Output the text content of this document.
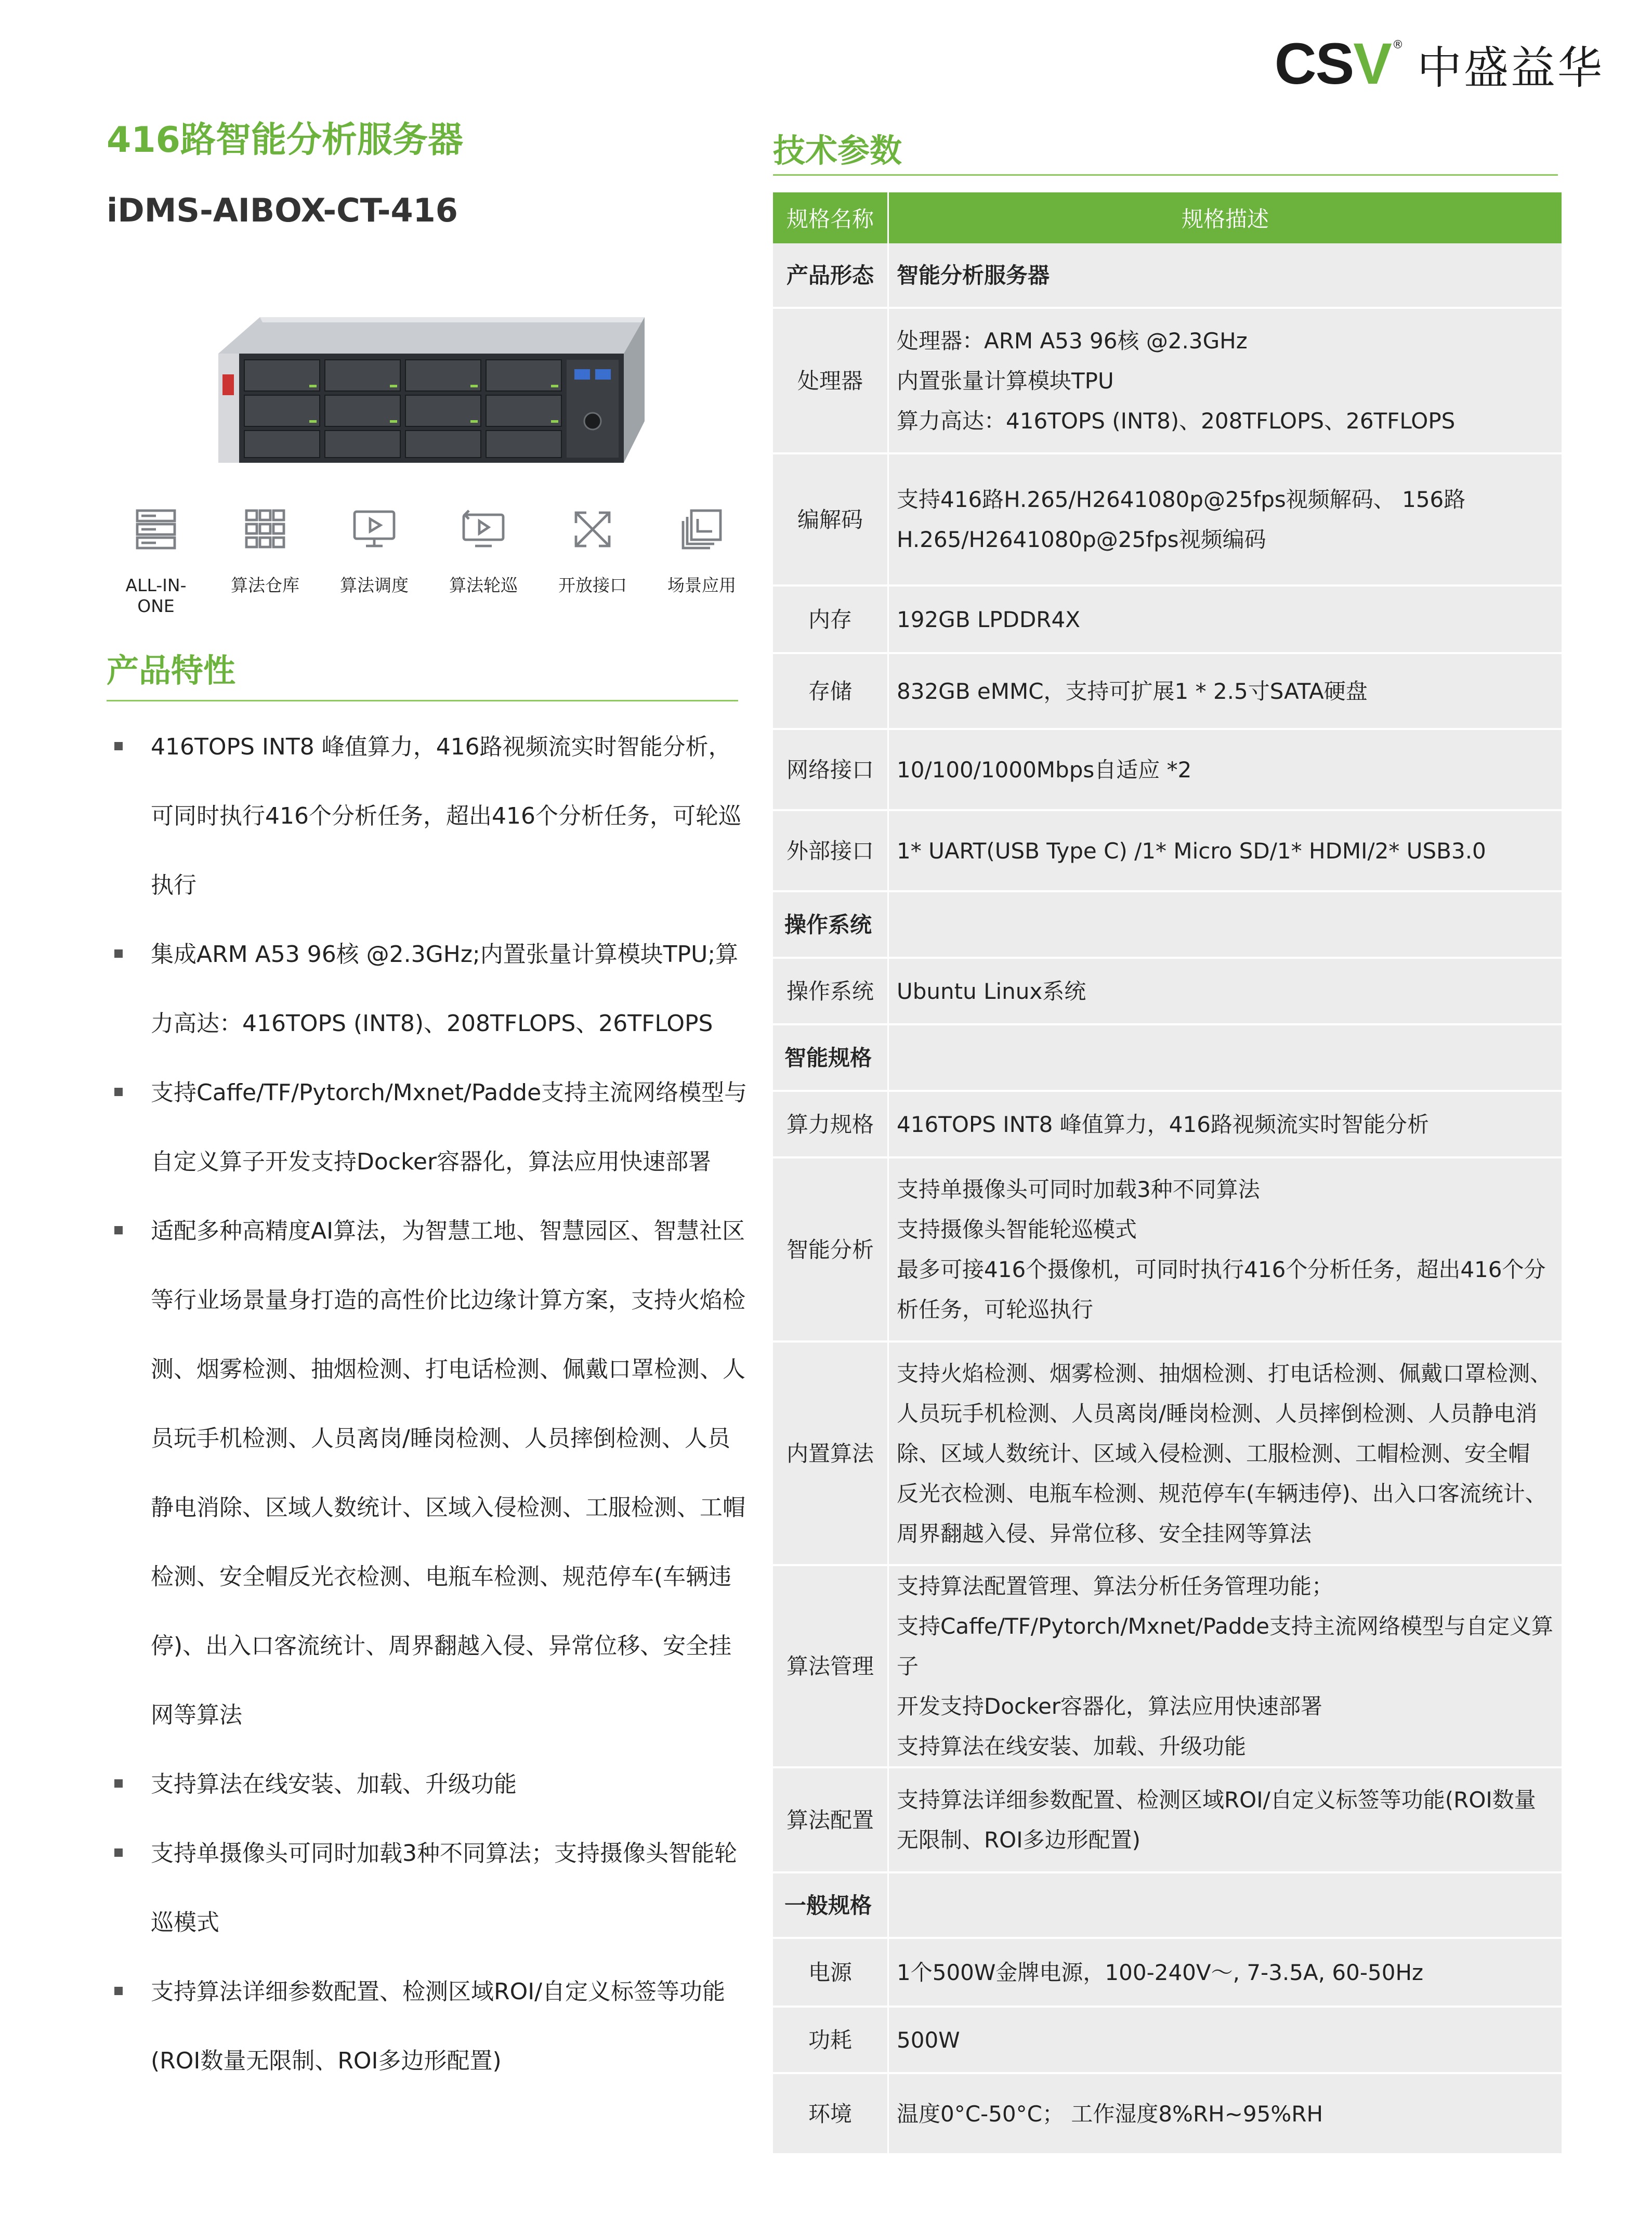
CSV ® 中盛益华
416路智能分析服务器
iDMS-AIBOX-CT-416
ALL-IN-ONE
算法仓库 算法调度 算法轮巡 开放接口 场景应用
产品特性
416TOPS INT8 峰值算力，416路视频流实时智能分析，可同时执行416个分析任务，超出416个分析任务，可轮巡执行
集成ARM A53 96核 @2.3GHz;内置张量计算模块TPU;算力高达：416TOPS (INT8)、208TFLOPS、26TFLOPS
支持Caffe/TF/Pytorch/Mxnet/Padde支持主流网络模型与自定义算子开发支持Docker容器化，算法应用快速部署
适配多种高精度AI算法，为智慧工地、智慧园区、智慧社区等行业场景量身打造的高性价比边缘计算方案，支持火焰检测、烟雾检测、抽烟检测、打电话检测、佩戴口罩检测、人员玩手机检测、人员离岗/睡岗检测、人员摔倒检测、人员静电消除、区域人数统计、区域入侵检测、工服检测、工帽检测、安全帽反光衣检测、电瓶车检测、规范停车(车辆违停)、出入口客流统计、周界翻越入侵、异常位移、安全挂网等算法
支持算法在线安装、加载、升级功能
支持单摄像头可同时加载3种不同算法；支持摄像头智能轮巡模式
支持算法详细参数配置、检测区域ROI/自定义标签等功能(ROI数量无限制、ROI多边形配置)
技术参数
规格名称	规格描述
产品形态	智能分析服务器

处理器	处理器：ARM A53 96核 @2.3GHz
内置张量计算模块TPU
算力高达：416TOPS (INT8)、208TFLOPS、26TFLOPS

编解码	支持416路H.265/H2641080p@25fps视频解码、 156路
H.265/H2641080p@25fps视频编码

内存	192GB LPDDR4X

存储	832GB eMMC，支持可扩展1 * 2.5寸SATA硬盘

网络接口	10/100/1000Mbps自适应 *2

外部接口	1* UART(USB Type C) /1* Micro SD/1* HDMI/2* USB3.0

操作系统	
操作系统	Ubuntu Linux系统

智能规格	
算力规格	416TOPS INT8 峰值算力，416路视频流实时智能分析

智能分析	支持单摄像头可同时加载3种不同算法
支持摄像头智能轮巡模式
最多可接416个摄像机，可同时执行416个分析任务，超出416个分
析任务，可轮巡执行

内置算法	支持火焰检测、烟雾检测、抽烟检测、打电话检测、佩戴口罩检测、
人员玩手机检测、人员离岗/睡岗检测、人员摔倒检测、人员静电消
除、区域人数统计、区域入侵检测、工服检测、工帽检测、安全帽
反光衣检测、电瓶车检测、规范停车(车辆违停)、出入口客流统计、
周界翻越入侵、异常位移、安全挂网等算法

算法管理	支持算法配置管理、算法分析任务管理功能；
支持Caffe/TF/Pytorch/Mxnet/Padde支持主流网络模型与自定义算子
开发支持Docker容器化，算法应用快速部署
支持算法在线安装、加载、升级功能

算法配置	支持算法详细参数配置、检测区域ROI/自定义标签等功能(ROI数量
无限制、ROI多边形配置)

一般规格	
电源	1个500W金牌电源，100-240V～, 7-3.5A, 60-50Hz

功耗	500W

环境	温度0°C-50°C； 工作湿度8%RH~95%RH
